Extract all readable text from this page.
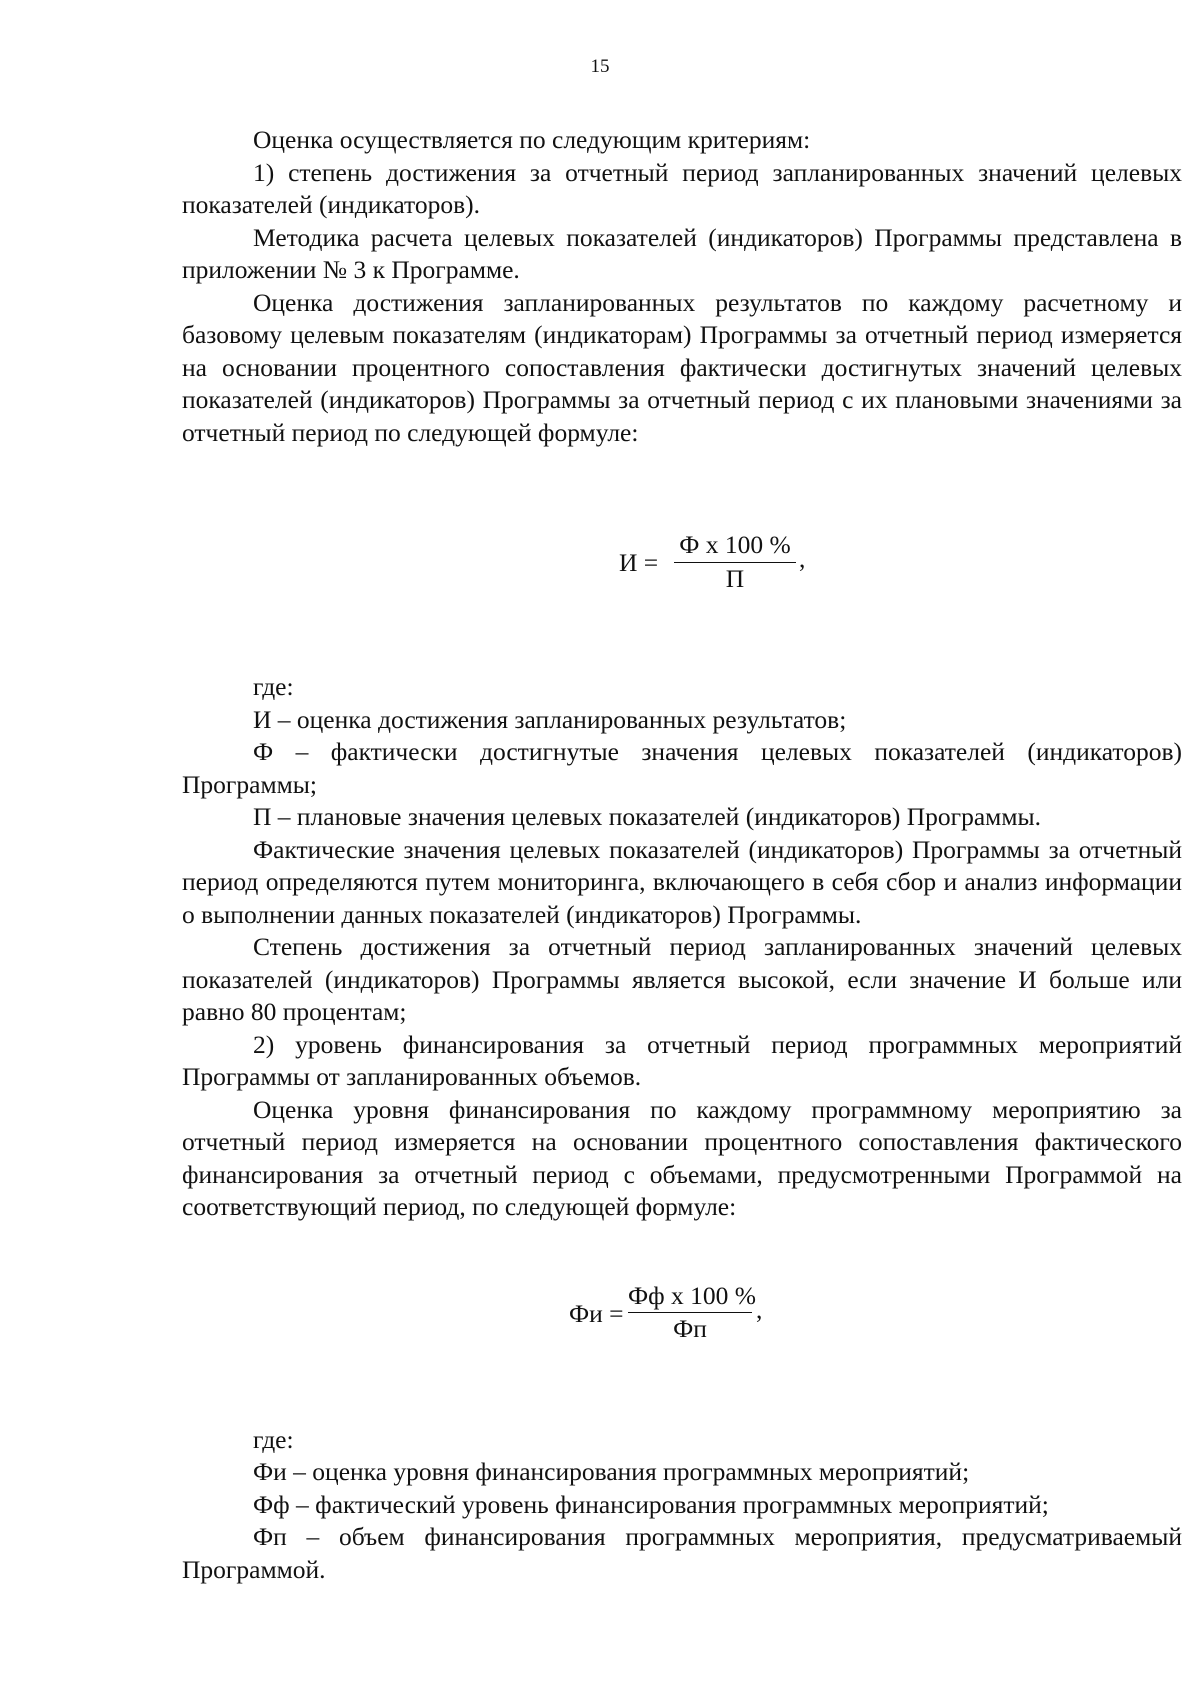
15

Оценка осуществляется по следующим критериям:

1) степень достижения за отчетный период запланированных значений целевых показателей (индикаторов).

Методика расчета целевых показателей (индикаторов) Программы представлена в приложении № 3 к Программе.

Оценка достижения запланированных результатов по каждому расчетному и базовому целевым показателям (индикаторам) Программы за отчетный период измеряется на основании процентного сопоставления фактически достигнутых значений целевых показателей (индикаторов) Программы за отчетный период с их плановыми значениями за отчетный период по следующей формуле:

И =
Ф х 100 %
П
,

где:

И – оценка достижения запланированных результатов;

Ф – фактически достигнутые значения целевых показателей (индикаторов) Программы;

П – плановые значения целевых показателей (индикаторов) Программы.

Фактические значения целевых показателей (индикаторов) Программы за отчетный период определяются путем мониторинга, включающего в себя сбор и анализ информации о выполнении данных показателей (индикаторов) Программы.

Степень достижения за отчетный период запланированных значений целевых показателей (индикаторов) Программы является высокой, если значение И больше или равно 80 процентам;

2) уровень финансирования за отчетный период программных мероприятий Программы от запланированных объемов.

Оценка уровня финансирования по каждому программному мероприятию за отчетный период измеряется на основании процентного сопоставления фактического финансирования за отчетный период с объемами, предусмотренными Программой на соответствующий период, по следующей формуле:

Фи =
Фф х 100 %
Фп
,

где:

Фи – оценка уровня финансирования программных мероприятий;

Фф – фактический уровень финансирования программных мероприятий;

Фп – объем финансирования программных мероприятия, предусматриваемый Программой.
